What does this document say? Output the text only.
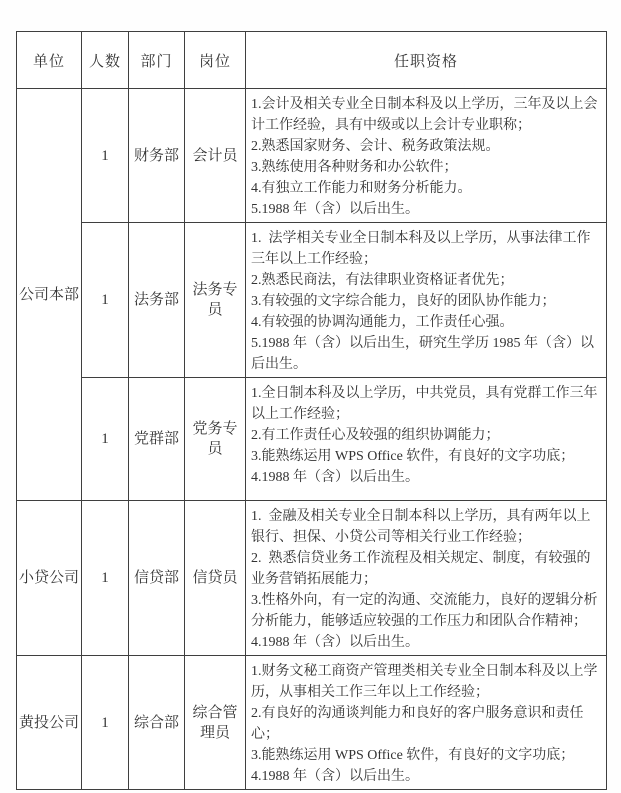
单位	人数	部门	岗位	任职资格
公司本部	1	财务部	会计员	1.会计及相关专业全日制本科及以上学历，三年及以上会计工作经验，具有中级或以上会计专业职称；
2.熟悉国家财务、会计、税务政策法规。
3.熟练使用各种财务和办公软件；
4.有独立工作能力和财务分析能力。
5.1988 年（含）以后出生。

	1	法务部	法务专员	1.  法学相关专业全日制本科及以上学历，从事法律工作三年以上工作经验；
2.熟悉民商法，有法律职业资格证者优先；
3.有较强的文字综合能力，良好的团队协作能力；
4.有较强的协调沟通能力，工作责任心强。
5.1988 年（含）以后出生，研究生学历 1985 年（含）以后出生。

	1	党群部	党务专员	1.全日制本科及以上学历，中共党员，具有党群工作三年以上工作经验；
2.有工作责任心及较强的组织协调能力；
3.能熟练运用 WPS Office 软件，有良好的文字功底；
4.1988 年（含）以后出生。

小贷公司	1	信贷部	信贷员	1.  金融及相关专业全日制本科以上学历，具有两年以上银行、担保、小贷公司等相关行业工作经验；
2.  熟悉信贷业务工作流程及相关规定、制度，有较强的业务营销拓展能力；
3.性格外向，有一定的沟通、交流能力，良好的逻辑分析分析能力，能够适应较强的工作压力和团队合作精神；
4.1988 年（含）以后出生。

黄投公司	1	综合部	综合管理员	1.财务文秘工商资产管理类相关专业全日制本科及以上学历，从事相关工作三年以上工作经验；
2.有良好的沟通谈判能力和良好的客户服务意识和责任心；
3.能熟练运用 WPS Office 软件，有良好的文字功底；
4.1988 年（含）以后出生。
